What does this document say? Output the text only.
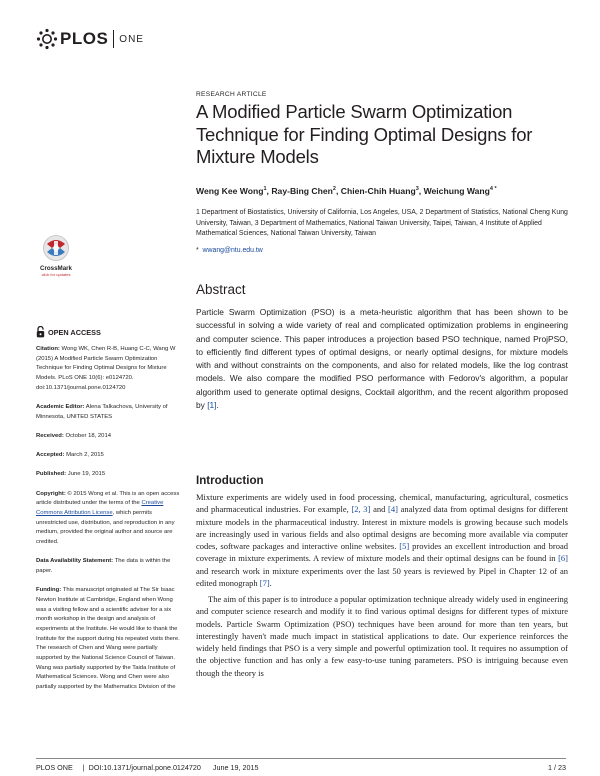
PLOS ONE
RESEARCH ARTICLE
A Modified Particle Swarm Optimization Technique for Finding Optimal Designs for Mixture Models
Weng Kee Wong$^1$, Ray-Bing Chen$^2$, Chien-Chih Huang$^3$, Weichung Wang$^{4 *}$
1 Department of Biostatistics, University of California, Los Angeles, USA, 2 Department of Statistics, National Cheng Kung University, Taiwan, 3 Department of Mathematics, National Taiwan University, Taipei, Taiwan, 4 Institute of Applied Mathematical Sciences, National Taiwan University, Taiwan
* wwang@ntu.edu.tw
Abstract
Particle Swarm Optimization (PSO) is a meta-heuristic algorithm that has been shown to be successful in solving a wide variety of real and complicated optimization problems in engineering and computer science. This paper introduces a projection based PSO technique, named ProjPSO, to efficiently find different types of optimal designs, or nearly optimal designs, for mixture models with and without constraints on the components, and also for related models, like the log contrast models. We also compare the modified PSO performance with Fedorov's algorithm, a popular algorithm used to generate optimal designs, Cocktail algorithm, and the recent algorithm proposed by [1].
Introduction

Mixture experiments are widely used in food processing, chemical, manufacturing, agricultural, cosmetics and pharmaceutical industries. For example, [2, 3] and [4] analyzed data from optimal designs for different mixture models in the pharmaceutical industry. Interest in mixture models is growing because such models are increasingly used in various fields and also optimal designs are becoming more available via computer codes, software packages and interactive online websites. [5] provides an excellent introduction and broad coverage in mixture experiments. A review of mixture models and their optimal designs can be found in [6] and research work in mixture experiments over the last 50 years is reviewed by Pipel in Chapter 12 of an edited monograph [7].

The aim of this paper is to introduce a popular optimization technique already widely used in engineering and computer science research and modify it to find various optimal designs for different types of mixture models. Particle Swarm Optimization (PSO) techniques have been around for more than ten years, but interestingly haven't made much impact in statistical applications to date. Our experience reinforces the widely held findings that PSO is a very simple and powerful optimization tool. It requires no assumption of the objective function and has only a few easy-to-use tuning parameters. PSO is intriguing because even though the theory is

CrossMark
click for updates
OPEN ACCESS
Citation: Wong WK, Chen R-B, Huang C-C, Wang W (2015) A Modified Particle Swarm Optimization Technique for Finding Optimal Designs for Mixture Models. PLoS ONE 10(6): e0124720. doi:10.1371/journal.pone.0124720
Academic Editor: Alena Talkachova, University of Minnesota, UNITED STATES
Received: October 18, 2014
Accepted: March 2, 2015
Published: June 19, 2015
Copyright: © 2015 Wong et al. This is an open access article distributed under the terms of the Creative Commons Attribution License, which permits unrestricted use, distribution, and reproduction in any medium, provided the original author and source are credited.
Data Availability Statement: The data is within the paper.
Funding: This manuscript originated at The Sir Isaac Newton Institute at Cambridge, England when Wong was a visiting fellow and a scientific adviser for a six month workshop in the design and analysis of experiments at the Institute. He would like to thank the Institute for the support during his repeated visits there. The research of Chen and Wang were partially supported by the National Science Council of Taiwan. Wang was partially supported by the Taida Institute of Mathematical Sciences. Wong and Chen were also partially supported by the Mathematics Division of the
PLOS ONE | DOI:10.1371/journal.pone.0124720 June 19, 2015	1 / 23
